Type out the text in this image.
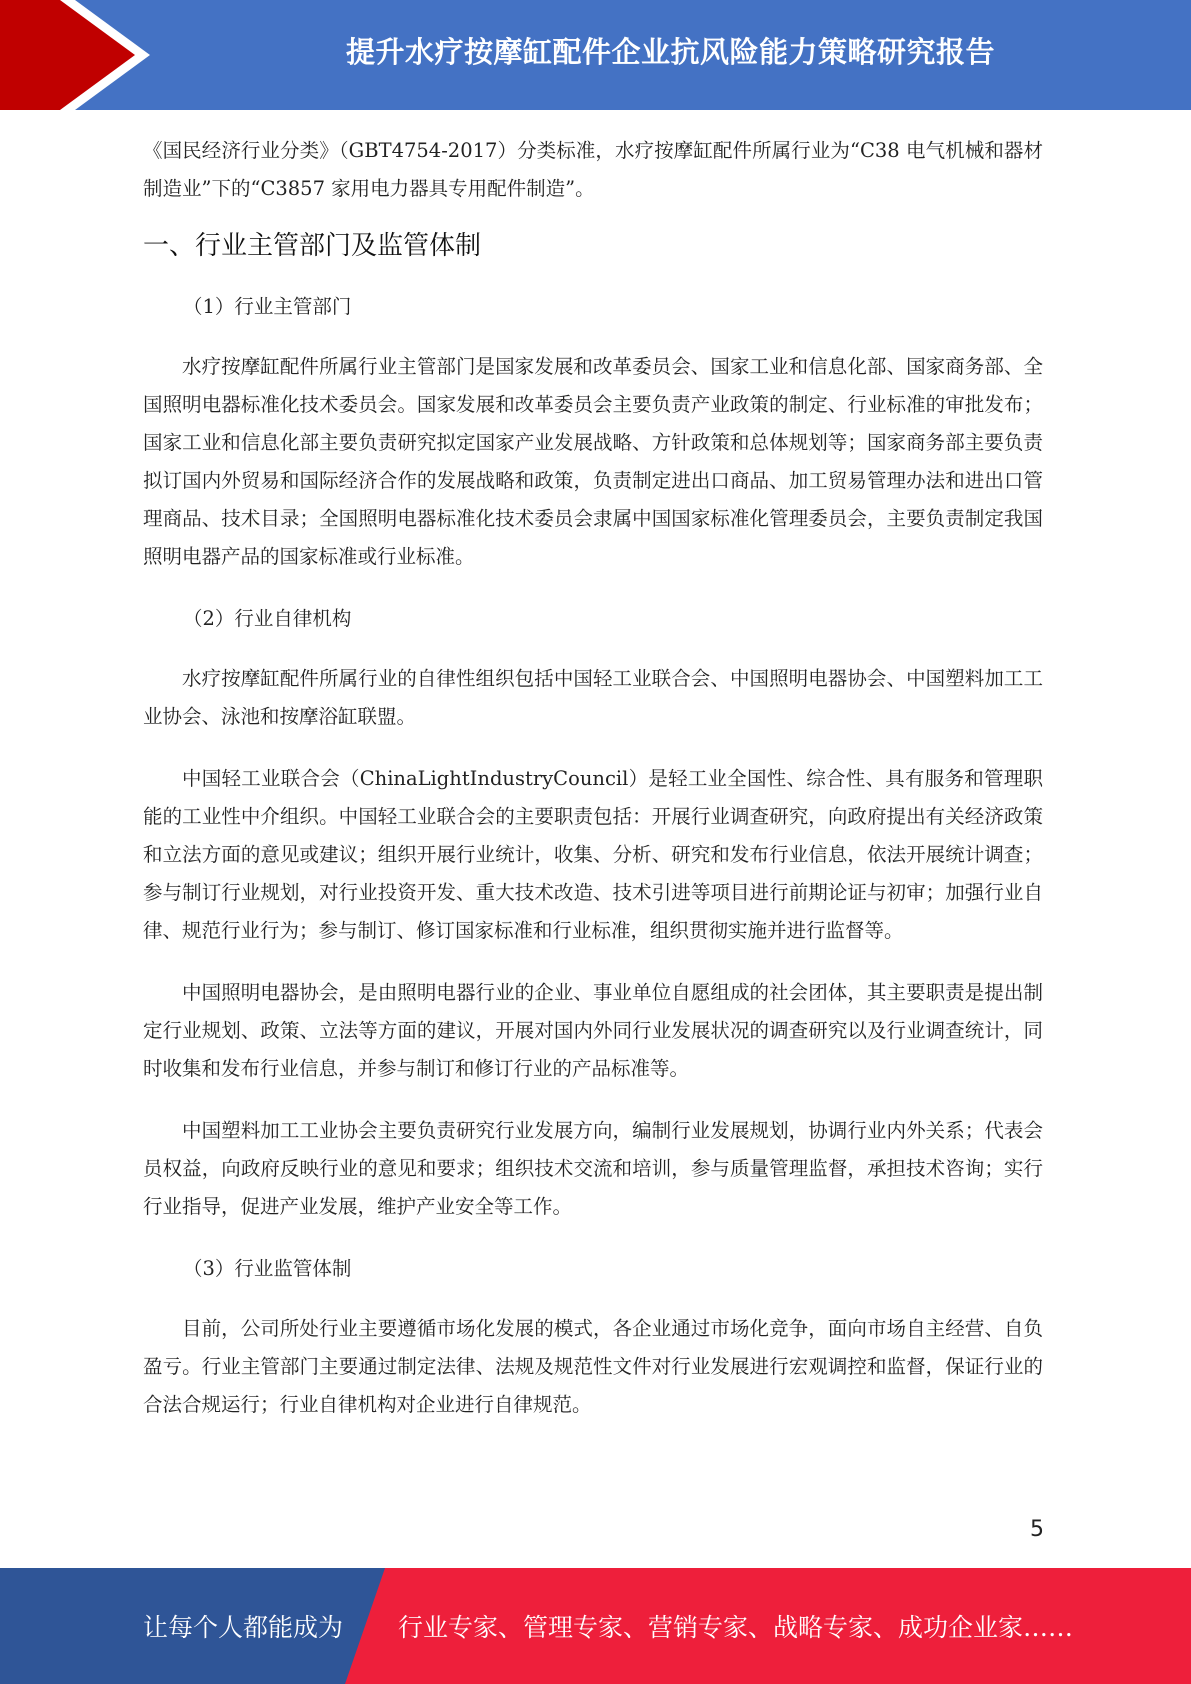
提升水疗按摩缸配件企业抗风险能力策略研究报告

《国民经济行业分类》（GBT4754-2017）分类标准，水疗按摩缸配件所属行业为“C38 电气机械和器材制造业”下的“C3857 家用电力器具专用配件制造”。

一、行业主管部门及监管体制

（1）行业主管部门

水疗按摩缸配件所属行业主管部门是国家发展和改革委员会、国家工业和信息化部、国家商务部、全国照明电器标准化技术委员会。国家发展和改革委员会主要负责产业政策的制定、行业标准的审批发布；国家工业和信息化部主要负责研究拟定国家产业发展战略、方针政策和总体规划等；国家商务部主要负责拟订国内外贸易和国际经济合作的发展战略和政策，负责制定进出口商品、加工贸易管理办法和进出口管理商品、技术目录；全国照明电器标准化技术委员会隶属中国国家标准化管理委员会，主要负责制定我国照明电器产品的国家标准或行业标准。

（2）行业自律机构

水疗按摩缸配件所属行业的自律性组织包括中国轻工业联合会、中国照明电器协会、中国塑料加工工业协会、泳池和按摩浴缸联盟。

中国轻工业联合会（ChinaLightIndustryCouncil）是轻工业全国性、综合性、具有服务和管理职能的工业性中介组织。中国轻工业联合会的主要职责包括：开展行业调查研究，向政府提出有关经济政策和立法方面的意见或建议；组织开展行业统计，收集、分析、研究和发布行业信息，依法开展统计调查；参与制订行业规划，对行业投资开发、重大技术改造、技术引进等项目进行前期论证与初审；加强行业自律、规范行业行为；参与制订、修订国家标准和行业标准，组织贯彻实施并进行监督等。

中国照明电器协会，是由照明电器行业的企业、事业单位自愿组成的社会团体，其主要职责是提出制定行业规划、政策、立法等方面的建议，开展对国内外同行业发展状况的调查研究以及行业调查统计，同时收集和发布行业信息，并参与制订和修订行业的产品标准等。

中国塑料加工工业协会主要负责研究行业发展方向，编制行业发展规划，协调行业内外关系；代表会员权益，向政府反映行业的意见和要求；组织技术交流和培训，参与质量管理监督，承担技术咨询；实行行业指导，促进产业发展，维护产业安全等工作。

（3）行业监管体制

目前，公司所处行业主要遵循市场化发展的模式，各企业通过市场化竞争，面向市场自主经营、自负盈亏。行业主管部门主要通过制定法律、法规及规范性文件对行业发展进行宏观调控和监督，保证行业的合法合规运行；行业自律机构对企业进行自律规范。

5
让每个人都能成为 行业专家、管理专家、营销专家、战略专家、成功企业家……
